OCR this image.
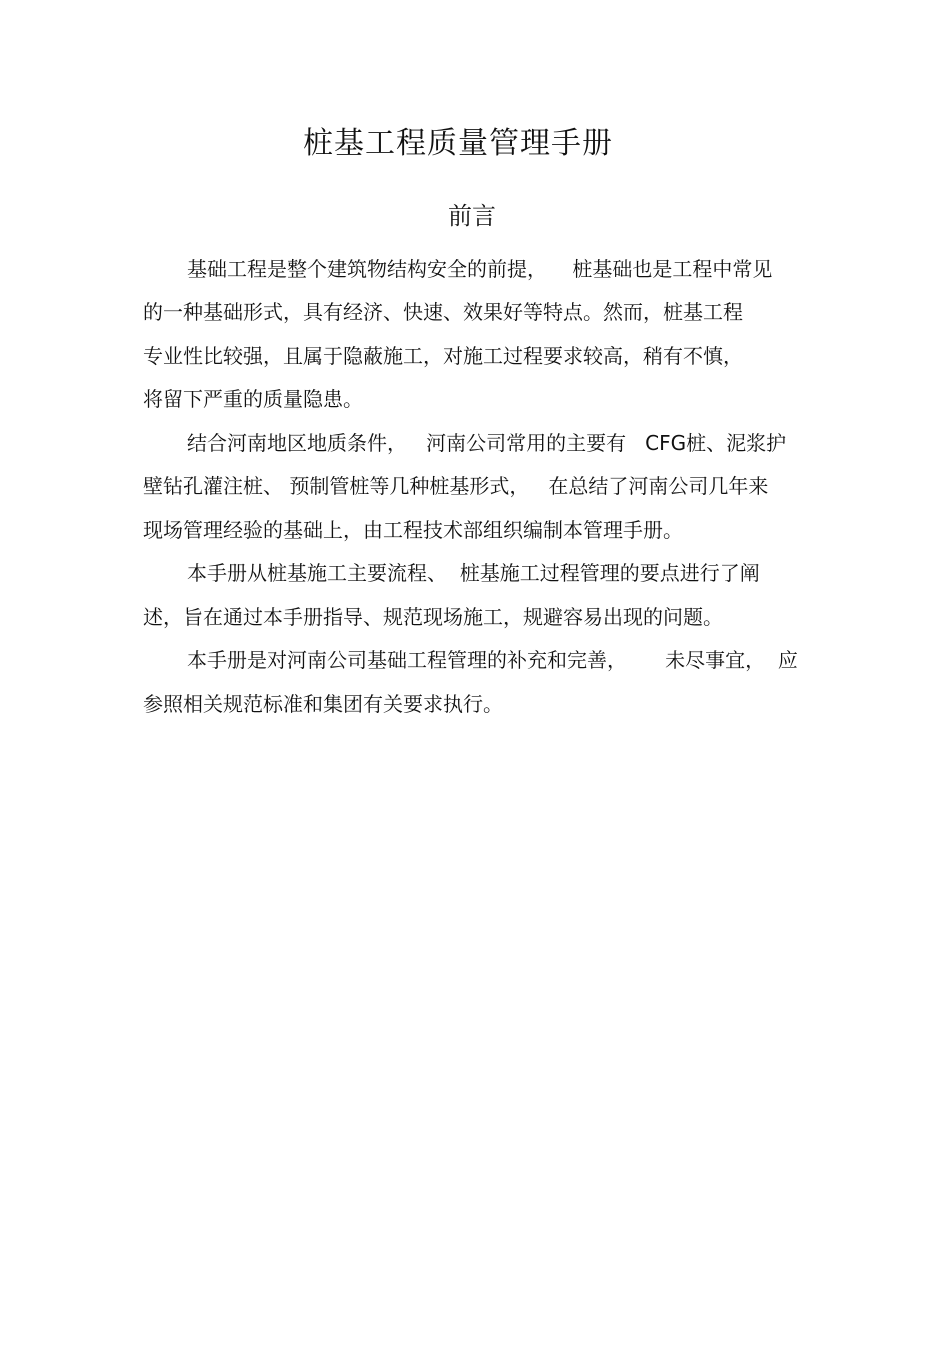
桩基工程质量管理手册
前言
基础工程是整个建筑物结构安全的前提，    桩基础也是工程中常见
的一种基础形式，具有经济、快速、效果好等特点。然而，桩基工程
专业性比较强，且属于隐蔽施工，对施工过程要求较高，稍有不慎，
将留下严重的质量隐患。
结合河南地区地质条件，   河南公司常用的主要有   CFG桩、泥浆护
壁钻孔灌注桩、 预制管桩等几种桩基形式，   在总结了河南公司几年来
现场管理经验的基础上，由工程技术部组织编制本管理手册。
本手册从桩基施工主要流程、  桩基施工过程管理的要点进行了阐
述，旨在通过本手册指导、规范现场施工，规避容易出现的问题。
本手册是对河南公司基础工程管理的补充和完善，      未尽事宜，  应
参照相关规范标准和集团有关要求执行。
